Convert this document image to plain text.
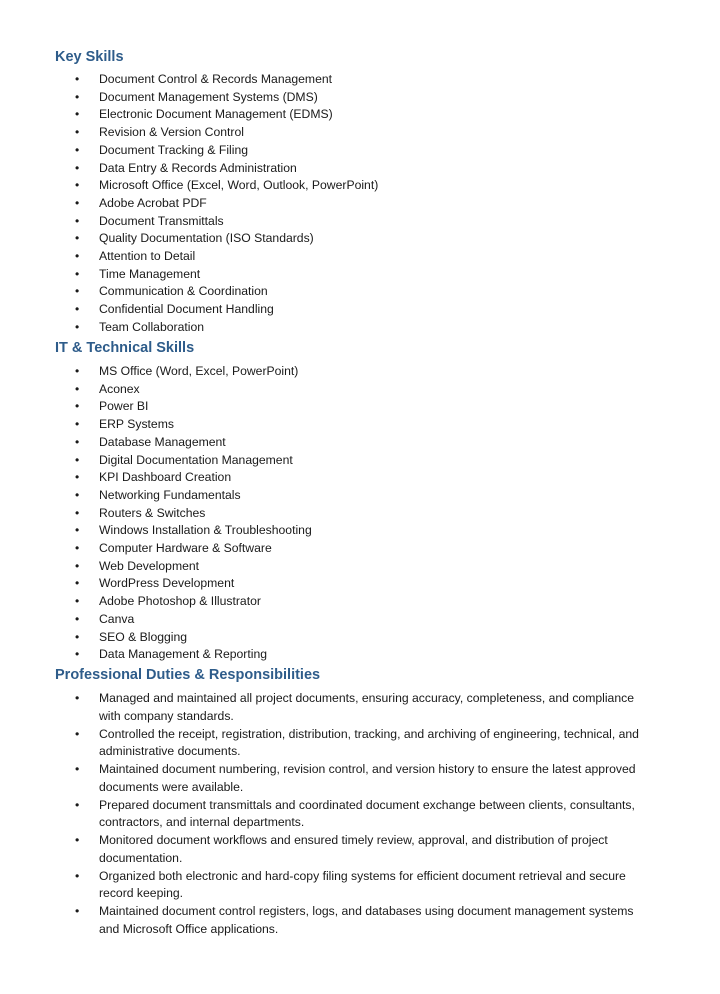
Key Skills
• Document Control & Records Management
• Document Management Systems (DMS)
• Electronic Document Management (EDMS)
• Revision & Version Control
• Document Tracking & Filing
• Data Entry & Records Administration
• Microsoft Office (Excel, Word, Outlook, PowerPoint)
• Adobe Acrobat PDF
• Document Transmittals
• Quality Documentation (ISO Standards)
• Attention to Detail
• Time Management
• Communication & Coordination
• Confidential Document Handling
• Team Collaboration
IT & Technical Skills
• MS Office (Word, Excel, PowerPoint)
• Aconex
• Power BI
• ERP Systems
• Database Management
• Digital Documentation Management
• KPI Dashboard Creation
• Networking Fundamentals
• Routers & Switches
• Windows Installation & Troubleshooting
• Computer Hardware & Software
• Web Development
• WordPress Development
• Adobe Photoshop & Illustrator
• Canva
• SEO & Blogging
• Data Management & Reporting
Professional Duties & Responsibilities
• Managed and maintained all project documents, ensuring accuracy, completeness, and compliance with company standards.
• Controlled the receipt, registration, distribution, tracking, and archiving of engineering, technical, and administrative documents.
• Maintained document numbering, revision control, and version history to ensure the latest approved documents were available.
• Prepared document transmittals and coordinated document exchange between clients, consultants, contractors, and internal departments.
• Monitored document workflows and ensured timely review, approval, and distribution of project documentation.
• Organized both electronic and hard-copy filing systems for efficient document retrieval and secure record keeping.
• Maintained document control registers, logs, and databases using document management systems and Microsoft Office applications.
